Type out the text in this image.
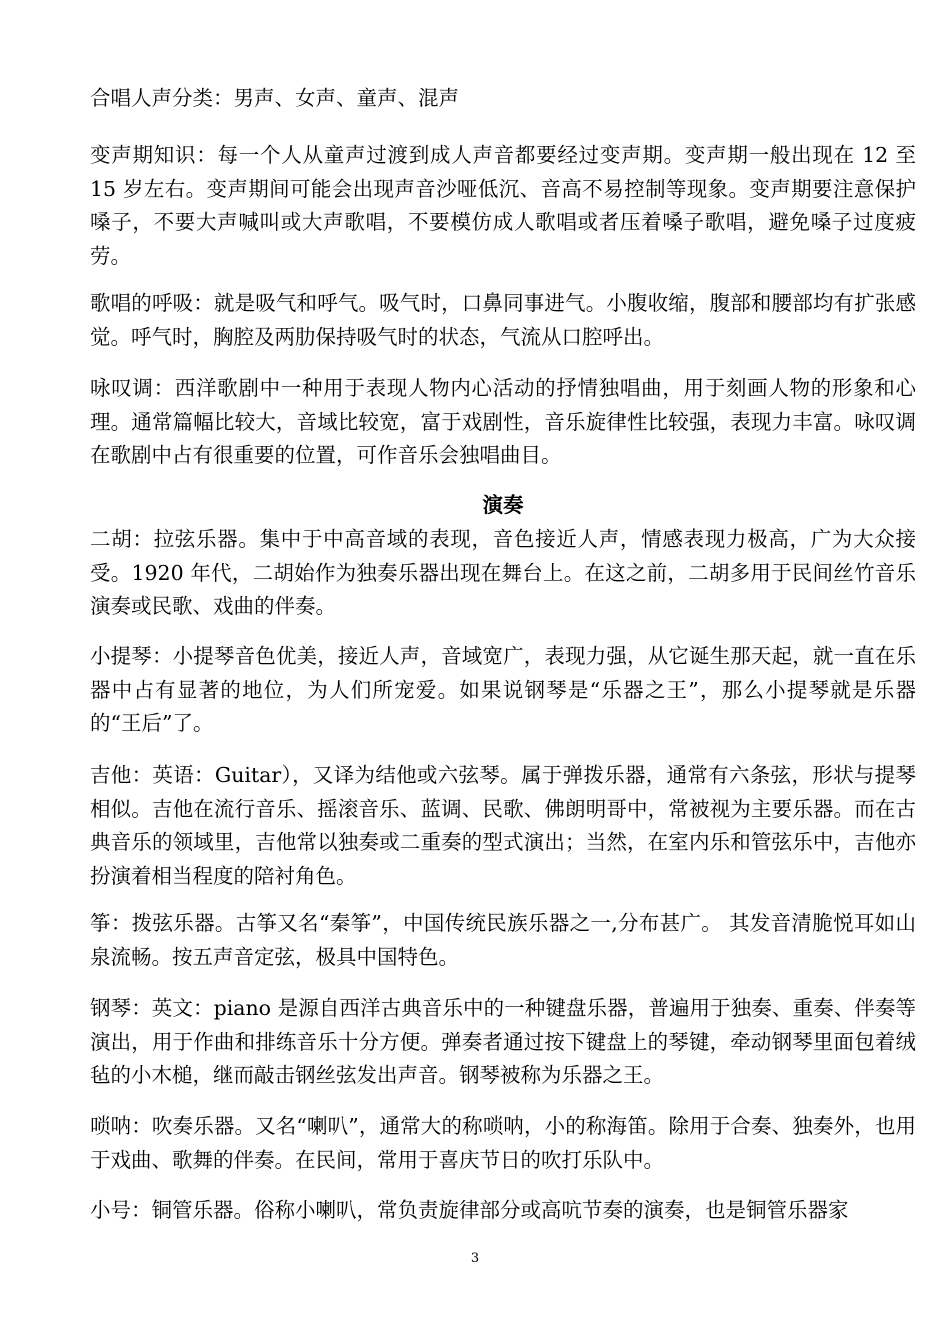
合唱人声分类：男声、女声、童声、混声

变声期知识：每一个人从童声过渡到成人声音都要经过变声期。变声期一般出现在 12 至 15 岁左右。变声期间可能会出现声音沙哑低沉、音高不易控制等现象。变声期要注意保护嗓子，不要大声喊叫或大声歌唱，不要模仿成人歌唱或者压着嗓子歌唱，避免嗓子过度疲劳。

歌唱的呼吸：就是吸气和呼气。吸气时，口鼻同事进气。小腹收缩，腹部和腰部均有扩张感觉。呼气时，胸腔及两肋保持吸气时的状态，气流从口腔呼出。

咏叹调：西洋歌剧中一种用于表现人物内心活动的抒情独唱曲，用于刻画人物的形象和心理。通常篇幅比较大，音域比较宽，富于戏剧性，音乐旋律性比较强，表现力丰富。咏叹调在歌剧中占有很重要的位置，可作音乐会独唱曲目。

演奏

二胡：拉弦乐器。集中于中高音域的表现，音色接近人声，情感表现力极高，广为大众接受。1920 年代，二胡始作为独奏乐器出现在舞台上。在这之前，二胡多用于民间丝竹音乐演奏或民歌、戏曲的伴奏。

小提琴：小提琴音色优美，接近人声，音域宽广，表现力强，从它诞生那天起，就一直在乐器中占有显著的地位，为人们所宠爱。如果说钢琴是“乐器之王”，那么小提琴就是乐器的“王后”了。

吉他：英语：Guitar），又译为结他或六弦琴。属于弹拨乐器，通常有六条弦，形状与提琴相似。吉他在流行音乐、摇滚音乐、蓝调、民歌、佛朗明哥中，常被视为主要乐器。而在古典音乐的领域里，吉他常以独奏或二重奏的型式演出；当然，在室内乐和管弦乐中，吉他亦扮演着相当程度的陪衬角色。

筝：拨弦乐器。古筝又名“秦筝”，中国传统民族乐器之一,分布甚广。 其发音清脆悦耳如山泉流畅。按五声音定弦，极具中国特色。

钢琴：英文：piano 是源自西洋古典音乐中的一种键盘乐器，普遍用于独奏、重奏、伴奏等演出，用于作曲和排练音乐十分方便。弹奏者通过按下键盘上的琴键，牵动钢琴里面包着绒毡的小木槌，继而敲击钢丝弦发出声音。钢琴被称为乐器之王。

唢呐：吹奏乐器。又名“喇叭”，通常大的称唢呐，小的称海笛。除用于合奏、独奏外，也用于戏曲、歌舞的伴奏。在民间，常用于喜庆节日的吹打乐队中。

小号：铜管乐器。俗称小喇叭，常负责旋律部分或高吭节奏的演奏，也是铜管乐器家

3
